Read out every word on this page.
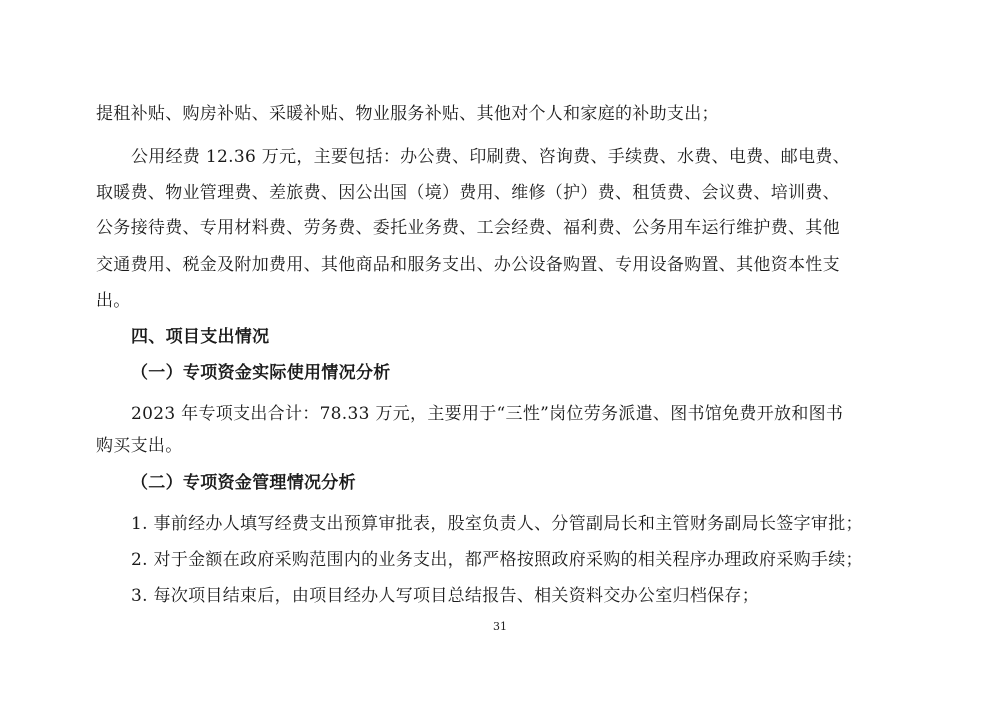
提租补贴、购房补贴、采暖补贴、物业服务补贴、其他对个人和家庭的补助支出；
公用经费 12.36 万元，主要包括：办公费、印刷费、咨询费、手续费、水费、电费、邮电费、
取暖费、物业管理费、差旅费、因公出国（境）费用、维修（护）费、租赁费、会议费、培训费、
公务接待费、专用材料费、劳务费、委托业务费、工会经费、福利费、公务用车运行维护费、其他
交通费用、税金及附加费用、其他商品和服务支出、办公设备购置、专用设备购置、其他资本性支
出。
四、项目支出情况
（一）专项资金实际使用情况分析
2023 年专项支出合计：78.33 万元，主要用于“三性”岗位劳务派遣、图书馆免费开放和图书
购买支出。
（二）专项资金管理情况分析
1. 事前经办人填写经费支出预算审批表，股室负责人、分管副局长和主管财务副局长签字审批；
2. 对于金额在政府采购范围内的业务支出，都严格按照政府采购的相关程序办理政府采购手续；
3. 每次项目结束后，由项目经办人写项目总结报告、相关资料交办公室归档保存；
31
